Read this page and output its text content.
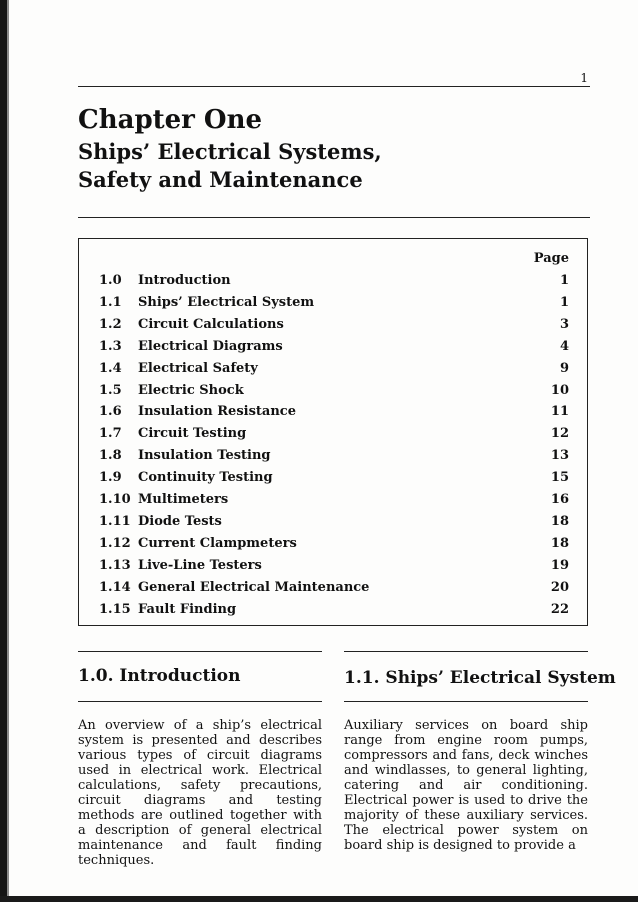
1
Chapter One
Ships’ Electrical Systems,
Safety and Maintenance
Page
1.0 Introduction	1
1.1 Ships’ Electrical System	1
1.2 Circuit Calculations	3
1.3 Electrical Diagrams	4
1.4 Electrical Safety	9
1.5 Electric Shock	10
1.6 Insulation Resistance	11
1.7 Circuit Testing	12
1.8 Insulation Testing	13
1.9 Continuity Testing	15
1.10 Multimeters	16
1.11 Diode Tests	18
1.12 Current Clampmeters	18
1.13 Live-Line Testers	19
1.14 General Electrical Maintenance	20
1.15 Fault Finding	22
1.0. Introduction
An overview of a ship’s electrical system is presented and describes various types of circuit diagrams used in electrical work. Electrical calculations, safety precautions, circuit diagrams and testing methods are outlined together with a description of general electrical maintenance and fault finding techniques.
1.1. Ships’ Electrical System
Auxiliary services on board ship range from engine room pumps, compressors and fans, deck winches and windlasses, to general lighting, catering and air conditioning. Electrical power is used to drive the majority of these auxiliary services. The electrical power system on board ship is designed to provide a
